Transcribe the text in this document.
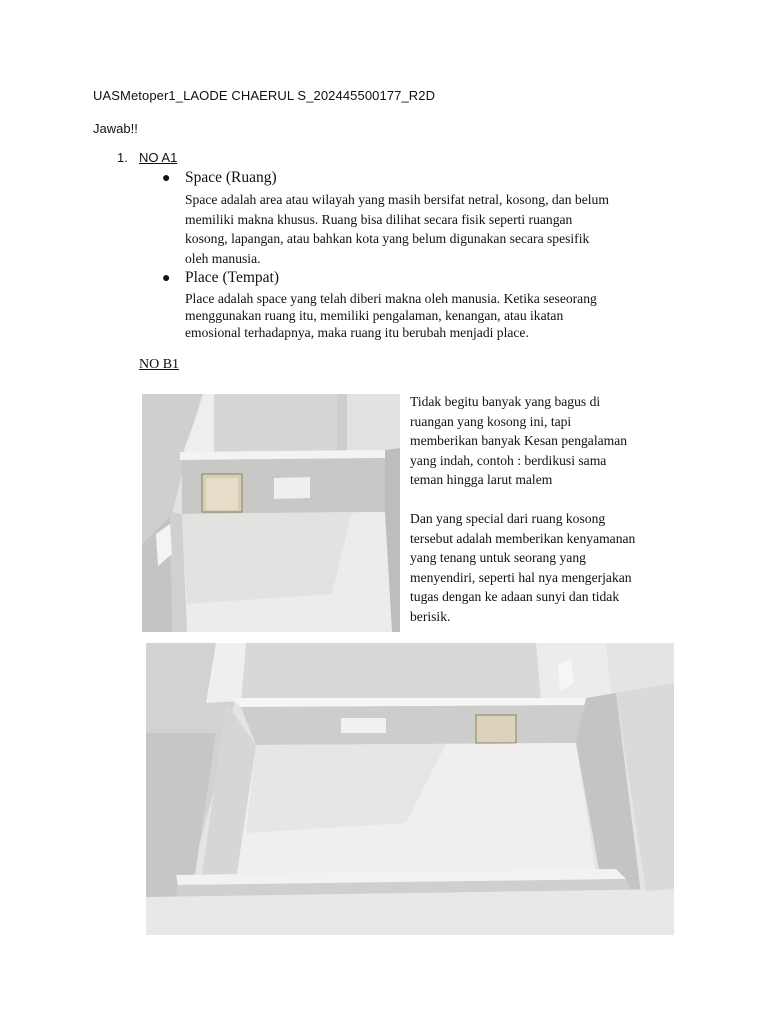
UASMetoper1_LAODE CHAERUL S_202445500177_R2D
Jawab!!
1. NO A1
● Space (Ruang)
Space adalah area atau wilayah yang masih bersifat netral, kosong, dan belum
memiliki makna khusus. Ruang bisa dilihat secara fisik seperti ruangan
kosong, lapangan, atau bahkan kota yang belum digunakan secara spesifik
oleh manusia.
● Place (Tempat)
Place adalah space yang telah diberi makna oleh manusia. Ketika seseorang
menggunakan ruang itu, memiliki pengalaman, kenangan, atau ikatan
emosional terhadapnya, maka ruang itu berubah menjadi place.
NO B1

Tidak begitu banyak yang bagus di

ruangan yang kosong ini, tapi

memberikan banyak Kesan pengalaman

yang indah, contoh : berdikusi sama

teman hingga larut malem

Dan yang special dari ruang kosong

tersebut adalah memberikan kenyamanan

yang tenang untuk seorang yang

menyendiri, seperti hal nya mengerjakan

tugas dengan ke adaan sunyi dan tidak

berisik.
